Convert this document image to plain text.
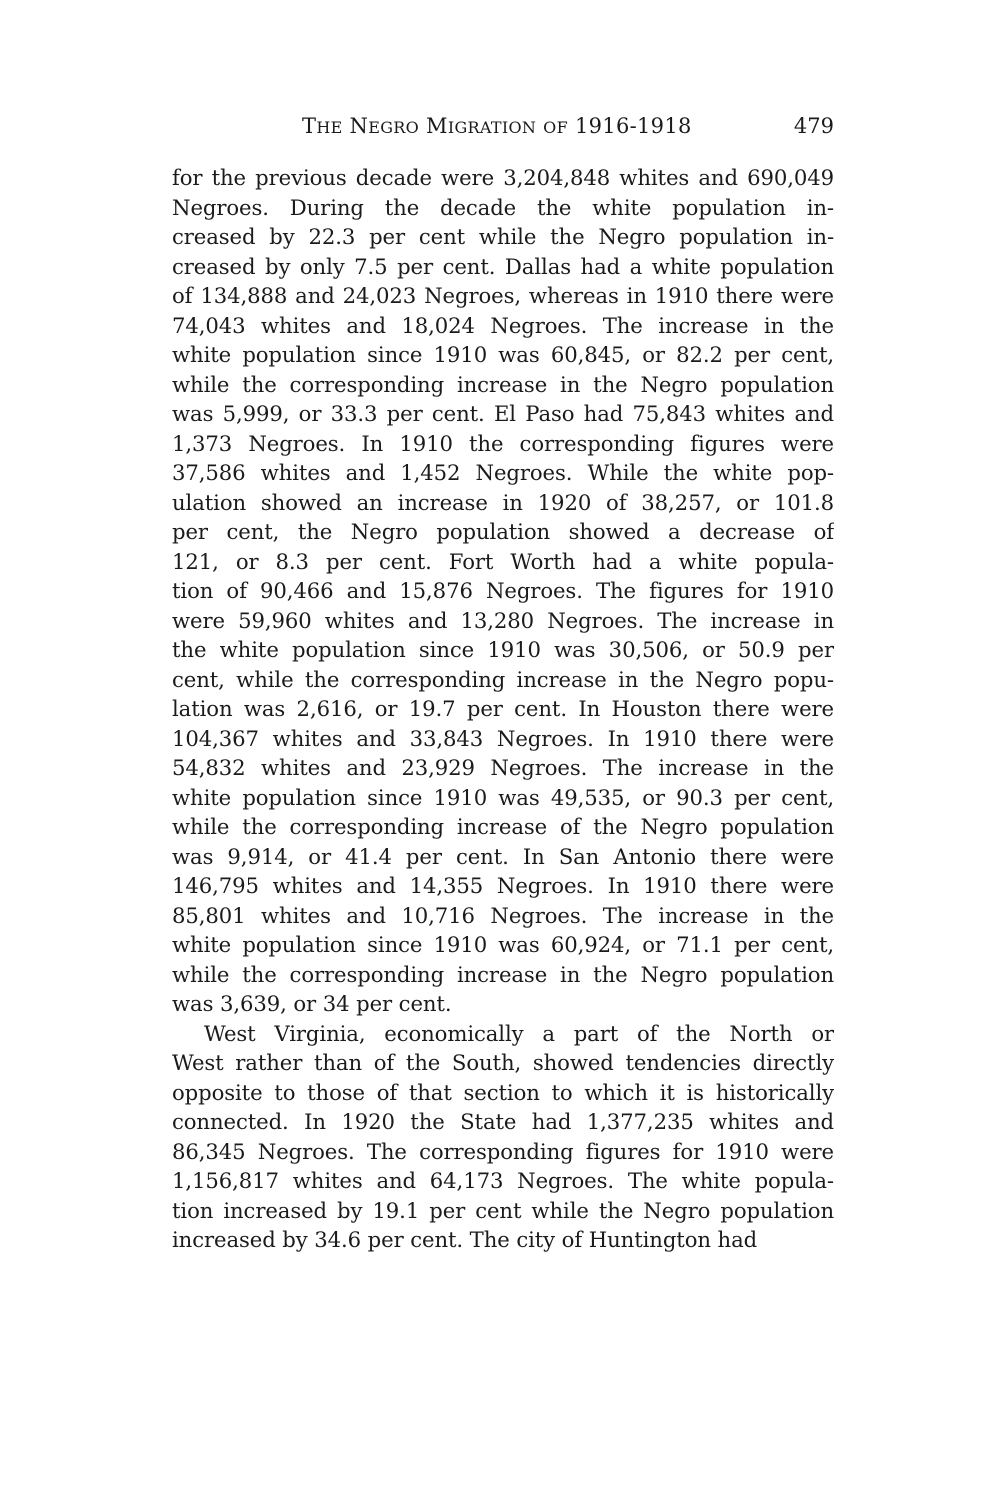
THE NEGRO MIGRATION OF 1916-1918	479
for the previous decade were 3,204,848 whites and 690,049
Negroes. During the decade the white population in-
creased by 22.3 per cent while the Negro population in-
creased by only 7.5 per cent. Dallas had a white population
of 134,888 and 24,023 Negroes, whereas in 1910 there were
74,043 whites and 18,024 Negroes. The increase in the
white population since 1910 was 60,845, or 82.2 per cent,
while the corresponding increase in the Negro population
was 5,999, or 33.3 per cent. El Paso had 75,843 whites and
1,373 Negroes. In 1910 the corresponding figures were
37,586 whites and 1,452 Negroes. While the white pop-
ulation showed an increase in 1920 of 38,257, or 101.8
per cent, the Negro population showed a decrease of
121, or 8.3 per cent. Fort Worth had a white popula-
tion of 90,466 and 15,876 Negroes. The figures for 1910
were 59,960 whites and 13,280 Negroes. The increase in
the white population since 1910 was 30,506, or 50.9 per
cent, while the corresponding increase in the Negro popu-
lation was 2,616, or 19.7 per cent. In Houston there were
104,367 whites and 33,843 Negroes. In 1910 there were
54,832 whites and 23,929 Negroes. The increase in the
white population since 1910 was 49,535, or 90.3 per cent,
while the corresponding increase of the Negro population
was 9,914, or 41.4 per cent. In San Antonio there were
146,795 whites and 14,355 Negroes. In 1910 there were
85,801 whites and 10,716 Negroes. The increase in the
white population since 1910 was 60,924, or 71.1 per cent,
while the corresponding increase in the Negro population
was 3,639, or 34 per cent.
West Virginia, economically a part of the North or
West rather than of the South, showed tendencies directly
opposite to those of that section to which it is historically
connected. In 1920 the State had 1,377,235 whites and
86,345 Negroes. The corresponding figures for 1910 were
1,156,817 whites and 64,173 Negroes. The white popula-
tion increased by 19.1 per cent while the Negro population
increased by 34.6 per cent. The city of Huntington had
